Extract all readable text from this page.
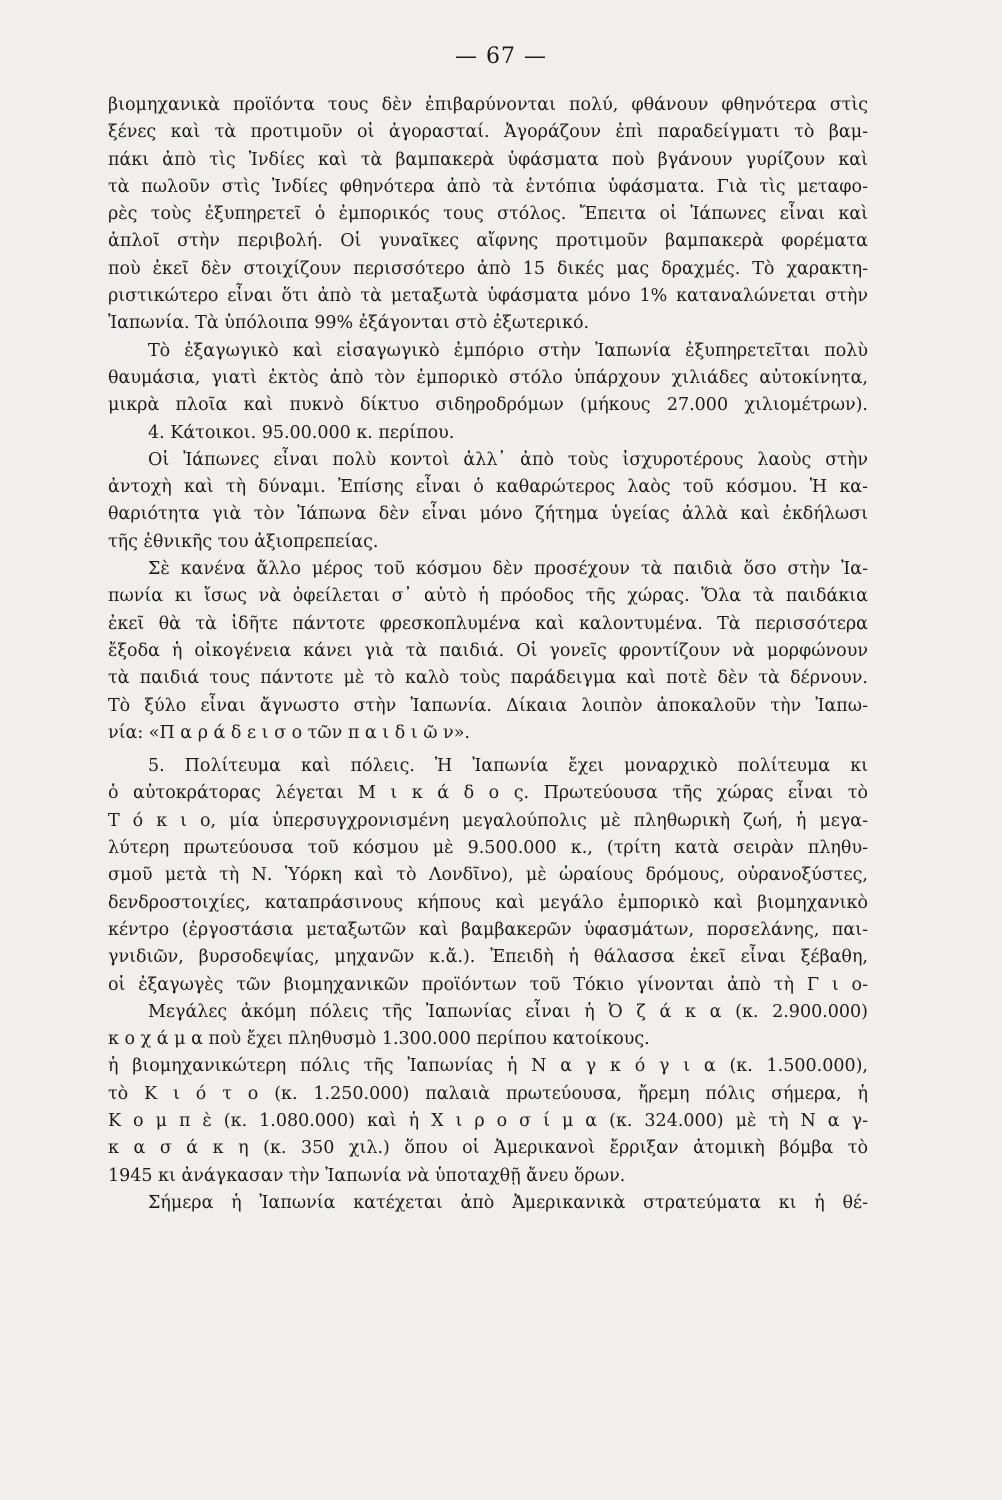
— 67 —
βιομηχανικὰ προϊόντα τους δὲν ἐπιβαρύνονται πολύ, φθάνουν φθηνότερα στὶς
ξένες καὶ τὰ προτιμοῦν οἱ ἀγορασταί. Ἀγοράζουν ἐπὶ παραδείγματι τὸ βαμ-
πάκι ἀπὸ τὶς Ἰνδίες καὶ τὰ βαμπακερὰ ὑφάσματα ποὺ βγάνουν γυρίζουν καὶ
τὰ πωλοῦν στὶς Ἰνδίες φθηνότερα ἀπὸ τὰ ἐντόπια ὑφάσματα. Γιὰ τὶς μεταφο-
ρὲς τοὺς ἐξυπηρετεῖ ὁ ἐμπορικός τους στόλος. Ἔπειτα οἱ Ἰάπωνες εἶναι καὶ
ἁπλοῖ στὴν περιβολή. Οἱ γυναῖκες αἴφνης προτιμοῦν βαμπακερὰ φορέματα
ποὺ ἐκεῖ δὲν στοιχίζουν περισσότερο ἀπὸ 15 δικές μας δραχμές. Τὸ χαρακτη-
ριστικώτερο εἶναι ὅτι ἀπὸ τὰ μεταξωτὰ ὑφάσματα μόνο 1% καταναλώνεται στὴν
Ἰαπωνία. Τὰ ὑπόλοιπα 99% ἐξάγονται στὸ ἐξωτερικό.
Τὸ ἐξαγωγικὸ καὶ εἰσαγωγικὸ ἐμπόριο στὴν Ἰαπωνία ἐξυπηρετεῖται πολὺ
θαυμάσια, γιατὶ ἐκτὸς ἀπὸ τὸν ἐμπορικὸ στόλο ὑπάρχουν χιλιάδες αὐτοκίνητα,
μικρὰ πλοῖα καὶ πυκνὸ δίκτυο σιδηροδρόμων (μήκους 27.000 χιλιομέτρων).
4. Κάτοικοι. 95.00.000 κ. περίπου.
Οἱ Ἰάπωνες εἶναι πολὺ κοντοὶ ἀλλ᾽ ἀπὸ τοὺς ἰσχυροτέρους λαοὺς στὴν
ἀντοχὴ καὶ τὴ δύναμι. Ἐπίσης εἶναι ὁ καθαρώτερος λαὸς τοῦ κόσμου. Ἡ κα-
θαριότητα γιὰ τὸν Ἰάπωνα δὲν εἶναι μόνο ζήτημα ὑγείας ἀλλὰ καὶ ἐκδήλωσι
τῆς ἐθνικῆς του ἀξιοπρεπείας.
Σὲ κανένα ἄλλο μέρος τοῦ κόσμου δὲν προσέχουν τὰ παιδιὰ ὅσο στὴν Ἰα-
πωνία κι ἴσως νὰ ὀφείλεται σ᾽ αὐτὸ ἡ πρόοδος τῆς χώρας. Ὅλα τὰ παιδάκια
ἐκεῖ θὰ τὰ ἰδῆτε πάντοτε φρεσκοπλυμένα καὶ καλοντυμένα. Τὰ περισσότερα
ἔξοδα ἡ οἰκογένεια κάνει γιὰ τὰ παιδιά. Οἱ γονεῖς φροντίζουν νὰ μορφώνουν
τὰ παιδιά τους πάντοτε μὲ τὸ καλὸ τοὺς παράδειγμα καὶ ποτὲ δὲν τὰ δέρνουν.
Τὸ ξύλο εἶναι ἄγνωστο στὴν Ἰαπωνία. Δίκαια λοιπὸν ἀποκαλοῦν τὴν Ἰαπω-
νία: «Π α ρ ά δ ε ι σ ο τῶν π α ι δ ι ῶ ν».
5. Πολίτευμα καὶ πόλεις. Ἡ Ἰαπωνία ἔχει μοναρχικὸ πολίτευμα κι
ὁ αὐτοκράτορας λέγεται Μ ι κ ά δ ο ς. Πρωτεύουσα τῆς χώρας εἶναι τὸ
Τ ό κ ι ο, μία ὑπερσυγχρονισμένη μεγαλούπολις μὲ πληθωρικὴ ζωή, ἡ μεγα-
λύτερη πρωτεύουσα τοῦ κόσμου μὲ 9.500.000 κ., (τρίτη κατὰ σειρὰν πληθυ-
σμοῦ μετὰ τὴ Ν. Ὑόρκη καὶ τὸ Λονδῖνο), μὲ ὡραίους δρόμους, οὐρανοξύστες,
δενδροστοιχίες, καταπράσινους κήπους καὶ μεγάλο ἐμπορικὸ καὶ βιομηχανικὸ
κέντρο (ἐργοστάσια μεταξωτῶν καὶ βαμβακερῶν ὑφασμάτων, πορσελάνης, παι-
γνιδιῶν, βυρσοδεψίας, μηχανῶν κ.ἄ.). Ἐπειδὴ ἡ θάλασσα ἐκεῖ εἶναι ξέβαθη,
οἱ ἐξαγωγὲς τῶν βιομηχανικῶν προϊόντων τοῦ Τόκιο γίνονται ἀπὸ τὴ Γ ι ο-
Μεγάλες ἀκόμη πόλεις τῆς Ἰαπωνίας εἶναι ἡ Ὀ ζ ά κ α (κ. 2.900.000)
κ ο χ ά μ α ποὺ ἔχει πληθυσμὸ 1.300.000 περίπου κατοίκους.
ἡ βιομηχανικώτερη πόλις τῆς Ἰαπωνίας ἡ Ν α γ κ ό γ ι α (κ. 1.500.000),
τὸ Κ ι ό τ ο (κ. 1.250.000) παλαιὰ πρωτεύουσα, ἤρεμη πόλις σήμερα, ἡ
Κ ο μ π ὲ (κ. 1.080.000) καὶ ἡ Χ ι ρ ο σ ί μ α (κ. 324.000) μὲ τὴ Ν α γ-
κ α σ ά κ η (κ. 350 χιλ.) ὅπου οἱ Ἀμερικανοὶ ἔρριξαν ἀτομικὴ βόμβα τὸ
1945 κι ἀνάγκασαν τὴν Ἰαπωνία νὰ ὑποταχθῇ ἄνευ ὅρων.
Σήμερα ἡ Ἰαπωνία κατέχεται ἀπὸ Ἀμερικανικὰ στρατεύματα κι ἡ θέ-
